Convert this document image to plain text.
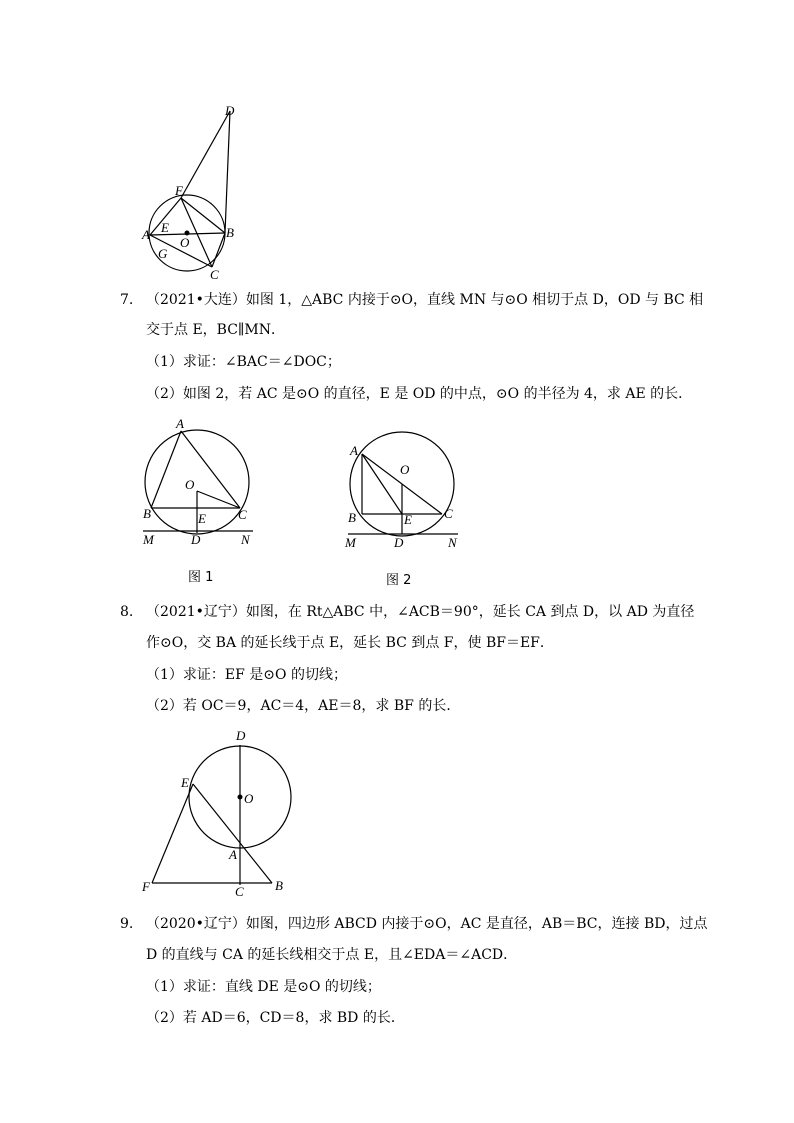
D
F
E
O
A	B
G
C
7. （2021•大连）如图 1，△ABC 内接于⊙O，直线 MN 与⊙O 相切于点 D，OD 与 BC 相
交于点 E，BC∥MN．
（1）求证：∠BAC＝∠DOC；
（2）如图 2，若 AC 是⊙O 的直径，E 是 OD 的中点，⊙O 的半径为 4，求 AE 的长．
A
O
B	C
E
M	D	N
图 1
A
O
B	C
E
M	D	N
图 2
8. （2021•辽宁）如图，在 Rt△ABC 中，∠ACB＝90°，延长 CA 到点 D，以 AD 为直径
作⊙O，交 BA 的延长线于点 E，延长 BC 到点 F，使 BF＝EF．
（1）求证：EF 是⊙O 的切线；
（2）若 OC＝9，AC＝4，AE＝8，求 BF 的长．
D
O
E
A
F	C B
9. （2020•辽宁）如图，四边形 ABCD 内接于⊙O，AC 是直径，AB＝BC，连接 BD，过点
D 的直线与 CA 的延长线相交于点 E，且∠EDA＝∠ACD．
（1）求证：直线 DE 是⊙O 的切线；
（2）若 AD＝6，CD＝8，求 BD 的长．
